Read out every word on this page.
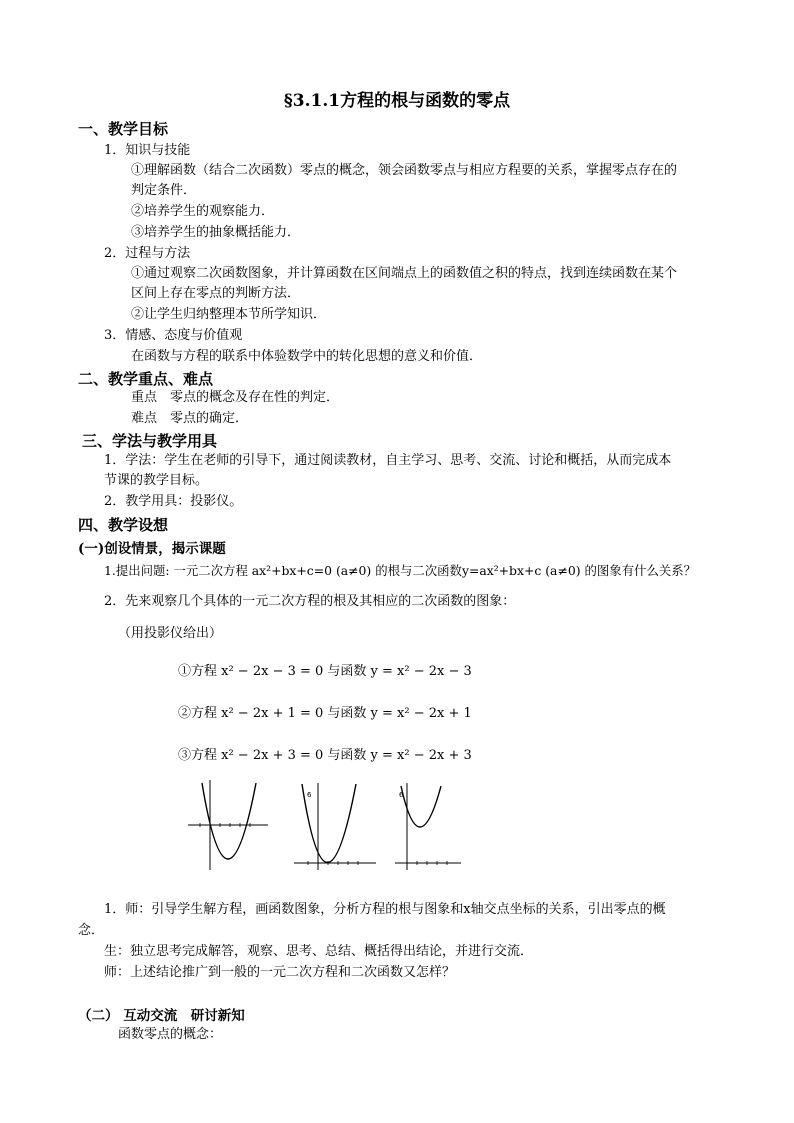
§3.1.1方程的根与函数的零点
一、教学目标
1．知识与技能
①理解函数（结合二次函数）零点的概念，领会函数零点与相应方程要的关系，掌握零点存在的
判定条件．
②培养学生的观察能力．
③培养学生的抽象概括能力．
2．过程与方法
①通过观察二次函数图象，并计算函数在区间端点上的函数值之积的特点，找到连续函数在某个
区间上存在零点的判断方法．
②让学生归纳整理本节所学知识．
3．情感、态度与价值观
在函数与方程的联系中体验数学中的转化思想的意义和价值．
二、教学重点、难点
重点　零点的概念及存在性的判定．
难点　零点的确定．
三、学法与教学用具
1．学法：学生在老师的引导下，通过阅读教材，自主学习、思考、交流、讨论和概括，从而完成本
节课的教学目标。
2．教学用具：投影仪。
四、教学设想
(一)创设情景，揭示课题
1.提出问题: 一元二次方程 ax²+bx+c=0 (a≠0) 的根与二次函数y=ax²+bx+c (a≠0) 的图象有什么关系？
2．先来观察几个具体的一元二次方程的根及其相应的二次函数的图象：
（用投影仪给出）
①方程 x² − 2x − 3 = 0 与函数 y = x² − 2x − 3
②方程 x² − 2x + 1 = 0 与函数 y = x² − 2x + 1
③方程 x² − 2x + 3 = 0 与函数 y = x² − 2x + 3
6	6
1．师：引导学生解方程，画函数图象，分析方程的根与图象和x轴交点坐标的关系，引出零点的概
念．
生：独立思考完成解答，观察、思考、总结、概括得出结论，并进行交流．
师：上述结论推广到一般的一元二次方程和二次函数又怎样？
（二） 互动交流　研讨新知
函数零点的概念：
